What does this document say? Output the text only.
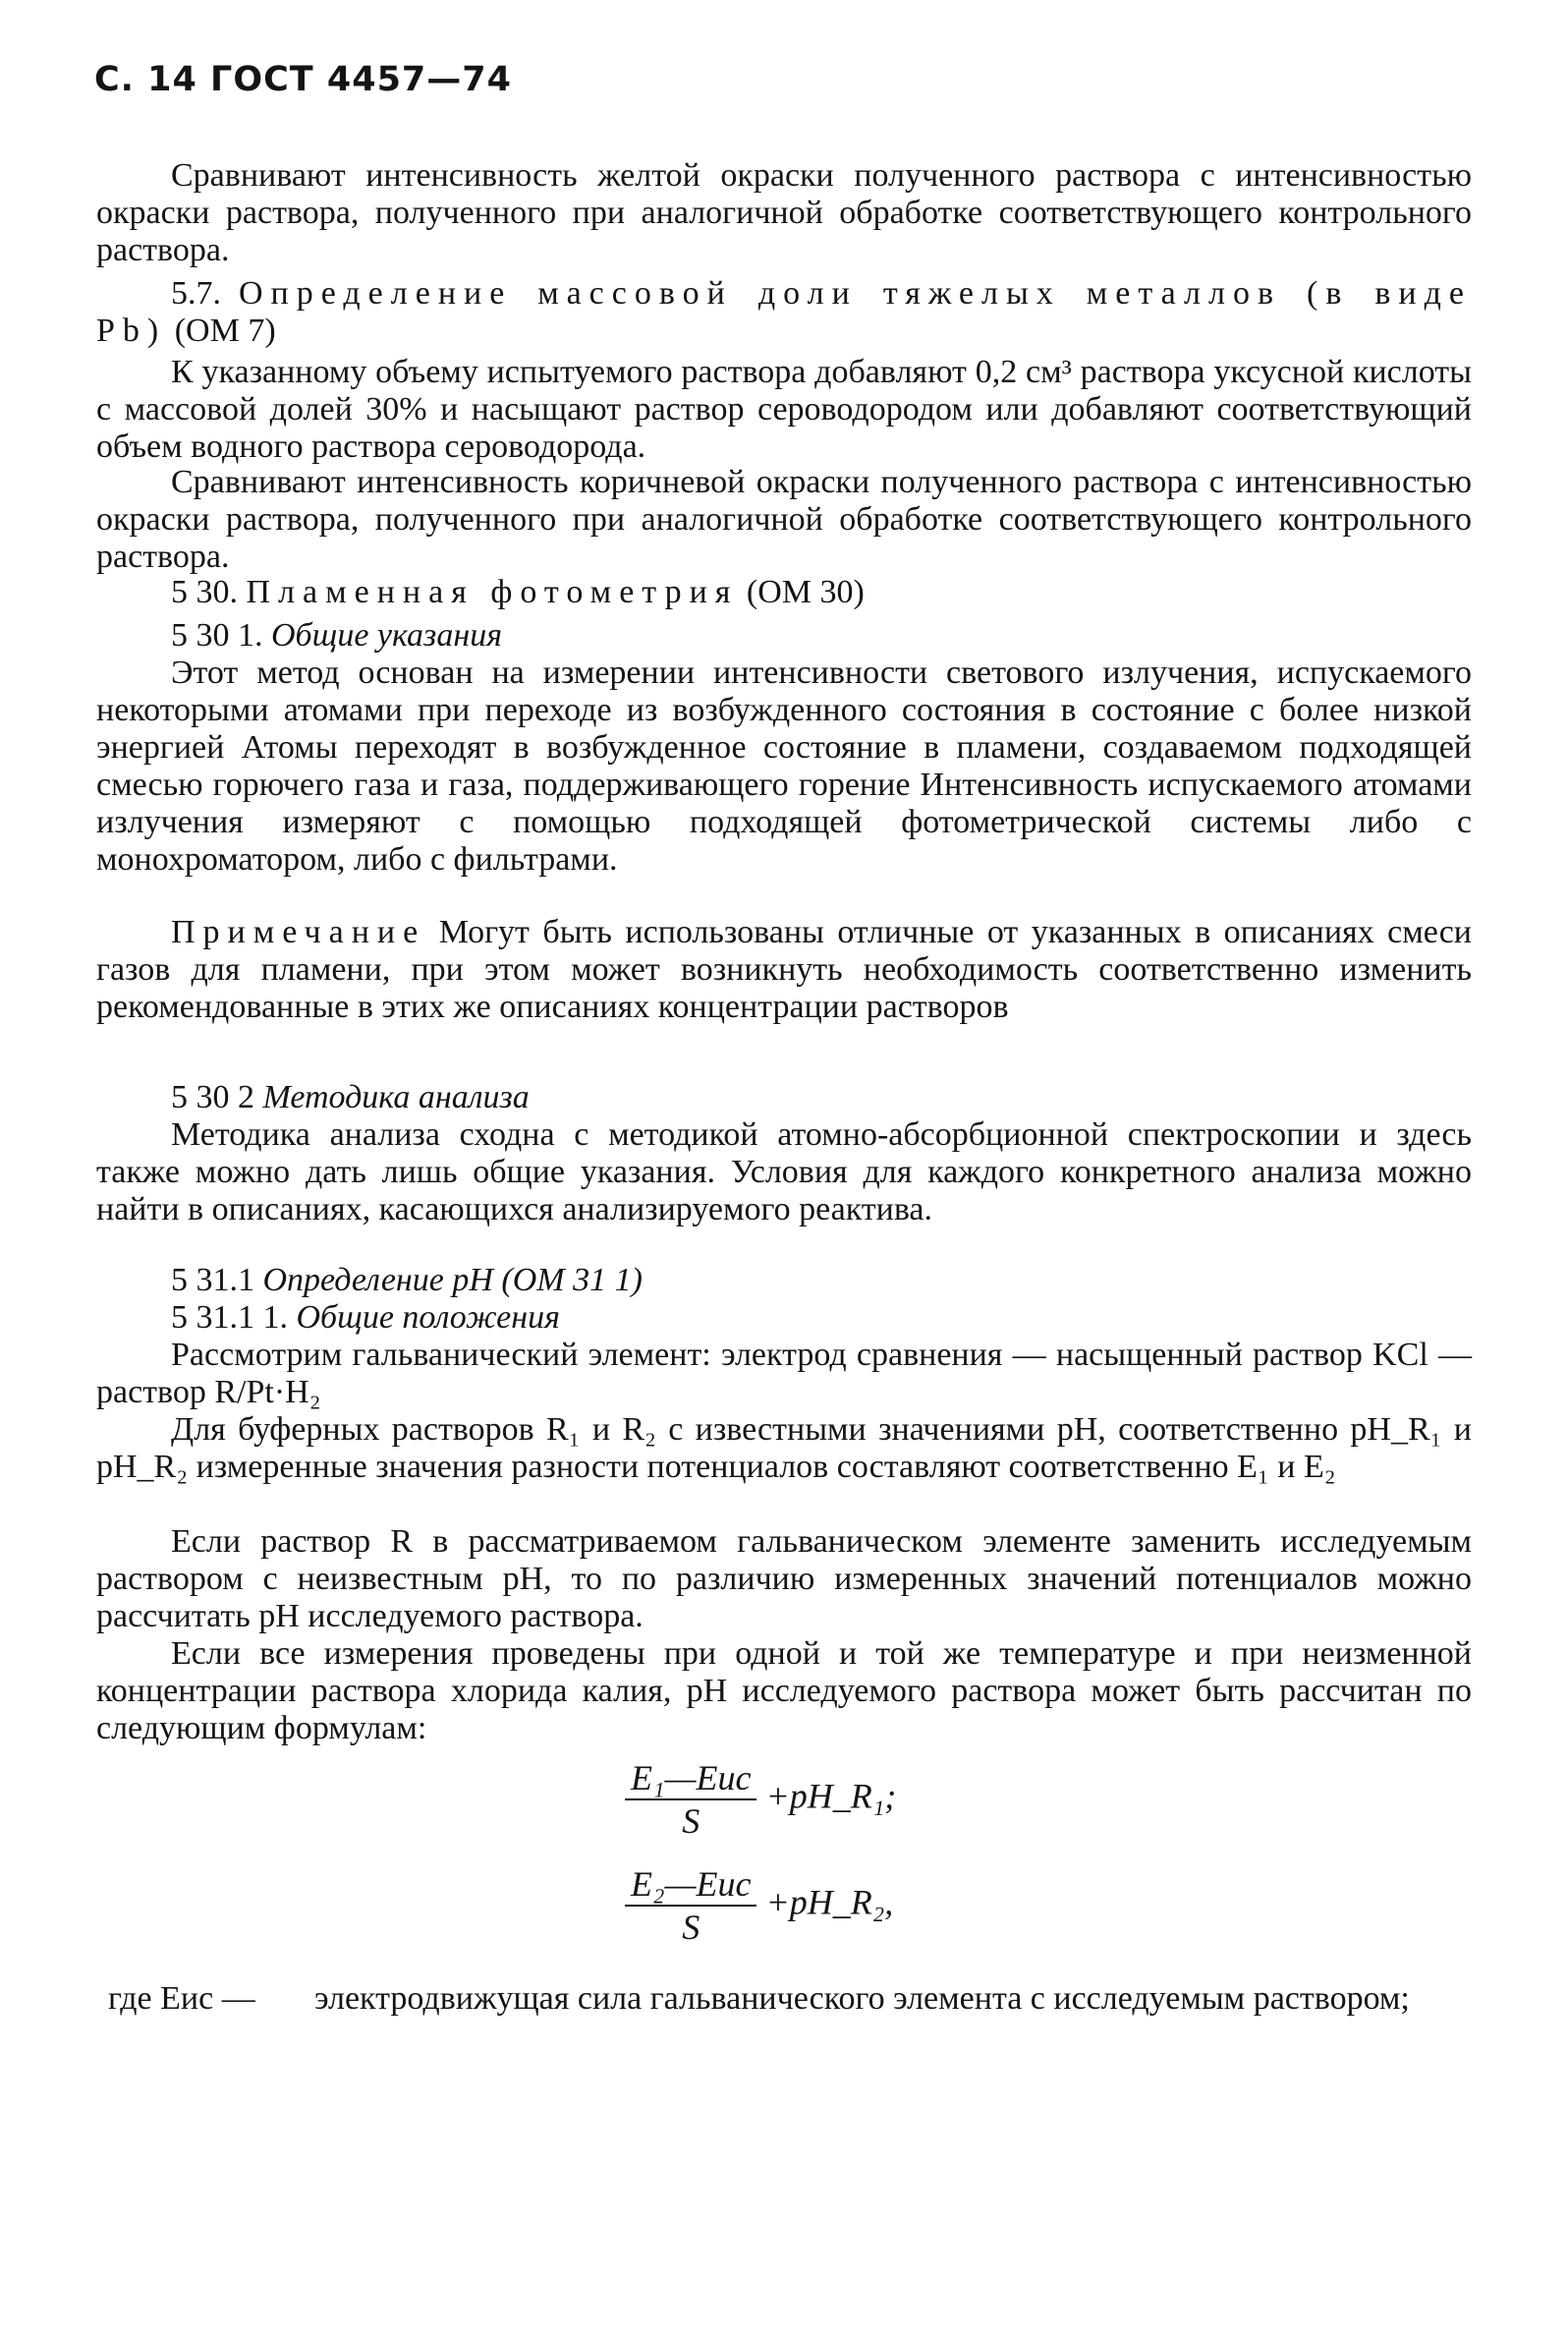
С. 14 ГОСТ 4457—74
Сравнивают интенсивность желтой окраски полученного раствора с интенсивностью окраски раствора, полученного при аналогичной обработке соответствующего контрольного раствора.
5.7. Определение массовой доли тяжелых металлов (в виде Pb) (ОМ 7)
К указанному объему испытуемого раствора добавляют 0,2 см³ раствора уксусной кислоты с массовой долей 30% и насыщают раствор сероводородом или добавляют соответствующий объем водного раствора сероводорода.
Сравнивают интенсивность коричневой окраски полученного раствора с интенсивностью окраски раствора, полученного при аналогичной обработке соответствующего контрольного раствора.
5 30. Пламенная фотометрия (ОМ 30)
5 30 1. Общие указания
Этот метод основан на измерении интенсивности светового излучения, испускаемого некоторыми атомами при переходе из возбужденного состояния в состояние с более низкой энергией Атомы переходят в возбужденное состояние в пламени, создаваемом подходящей смесью горючего газа и газа, поддерживающего горение Интенсивность испускаемого атомами излучения измеряют с помощью подходящей фотометрической системы либо с монохроматором, либо с фильтрами.
Примечание Могут быть использованы отличные от указанных в описаниях смеси газов для пламени, при этом может возникнуть необходимость соответственно изменить рекомендованные в этих же описаниях концентрации растворов
5 30 2 Методика анализа
Методика анализа сходна с методикой атомно-абсорбционной спектроскопии и здесь также можно дать лишь общие указания. Условия для каждого конкретного анализа можно найти в описаниях, касающихся анализируемого реактива.
5 31.1 Определение pH (ОМ 31 1)
5 31.1 1. Общие положения
Рассмотрим гальванический элемент: электрод сравнения — насыщенный раствор KCl — раствор R/Pt·H₂
Для буферных растворов R₁ и R₂ с известными значениями pH, соответственно pH_R₁ и pH_R₂ измеренные значения разности потенциалов составляют соответственно E₁ и E₂
Если раствор R в рассматриваемом гальваническом элементе заменить исследуемым раствором с неизвестным pH, то по различию измеренных значений потенциалов можно рассчитать pH исследуемого раствора.
Если все измерения проведены при одной и той же температуре и при неизменной концентрации раствора хлорида калия, pH исследуемого раствора может быть рассчитан по следующим формулам:
$\frac{\text{E₁—Eис}}{S}$ +pH_R₁;
$\frac{\text{E₂—Eис}}{S}$ +pH_R₂,
где Eис — электродвижущая сила гальванического элемента с исследуемым раствором;
